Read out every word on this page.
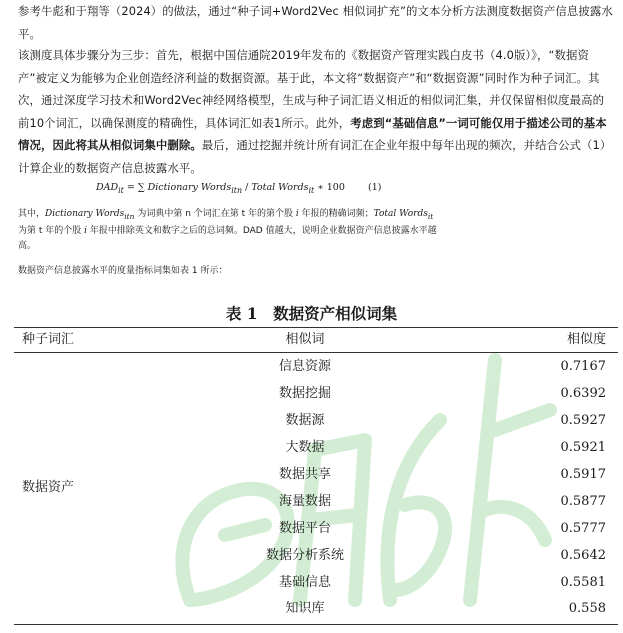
参考牛彪和于翔等（2024）的做法，通过“种子词+Word2Vec 相似词扩充”的文本分析方法测度数据资产信息披露水平。
该测度具体步骤分为三步：首先，根据中国信通院2019年发布的《数据资产管理实践白皮书（4.0版）》，“数据资产”被定义为能够为企业创造经济利益的数据资源。基于此，本文将“数据资产”和“数据资源”同时作为种子词汇。其次，通过深度学习技术和Word2Vec神经网络模型，生成与种子词汇语义相近的相似词汇集，并仅保留相似度最高的前10个词汇，以确保测度的精确性，具体词汇如表1所示。此外，考虑到“基础信息”一词可能仅用于描述公司的基本情况，因此将其从相似词集中删除。最后，通过挖掘并统计所有词汇在企业年报中每年出现的频次，并结合公式（1）计算企业的数据资产信息披露水平。
$DAD_{it}$ = ∑ Dictionary Words$_{itn}$ / Total Words$_{it}$ ∗ 100 (1)
其中，Dictionary Words$_{itn}$ 为词典中第 n 个词汇在第 t 年的第个股 i 年报的精确词频；Total Words$_{it}$ 为第 t 年的个股 i 年报中排除英文和数字之后的总词频。DAD 值越大，说明企业数据资产信息披露水平越高。
数据资产信息披露水平的度量指标词集如表 1 所示：
表 1　数据资产相似词集
种子词汇	相似词	相似度
数据资产
信息资源	0.7167
数据挖掘	0.6392
数据源	0.5927
大数据	0.5921
数据共享	0.5917
海量数据	0.5877
数据平台	0.5777
数据分析系统	0.5642
基础信息	0.5581
知识库	0.558
